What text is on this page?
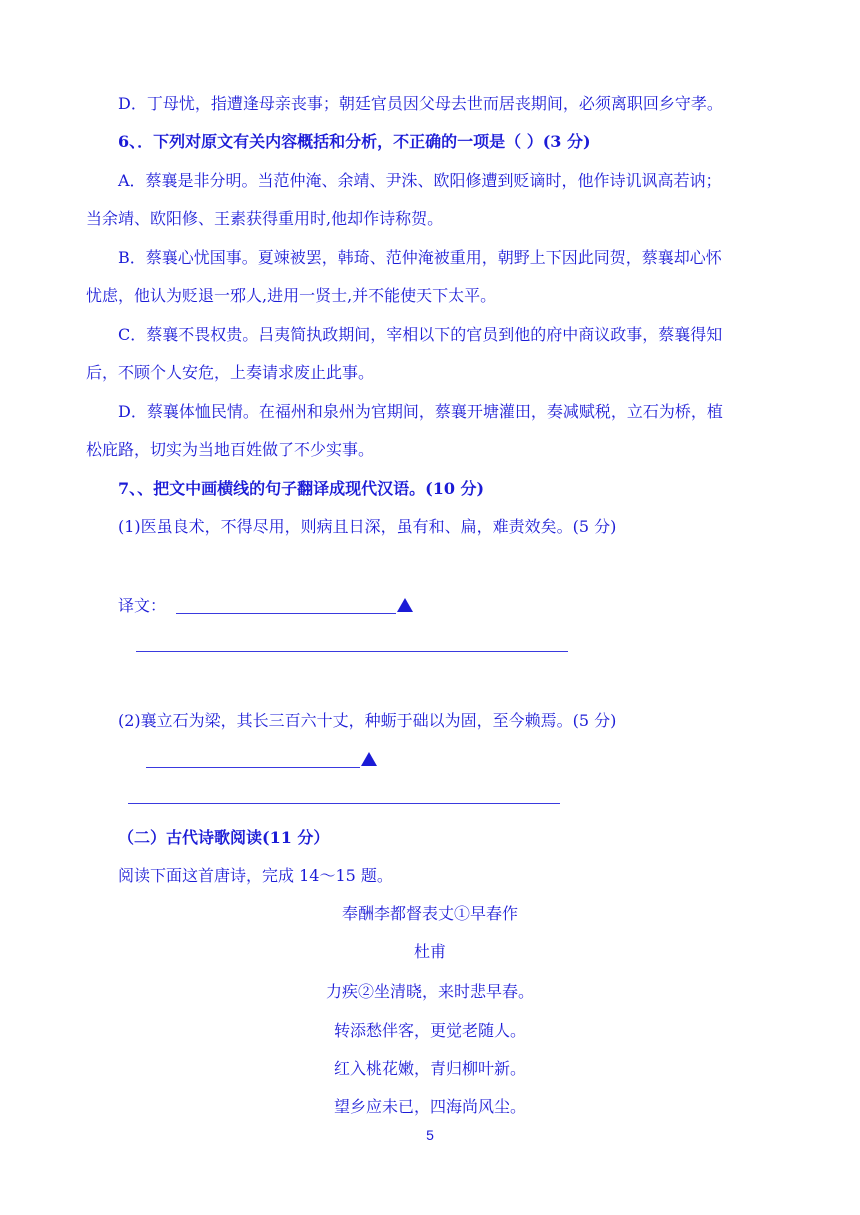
D．丁母忧，指遭逢母亲丧事；朝廷官员因父母去世而居丧期间，必须离职回乡守孝。
6、．下列对原文有关内容概括和分析，不正确的一项是（ ）(3 分)
A．蔡襄是非分明。当范仲淹、余靖、尹洙、欧阳修遭到贬谪时，他作诗讥讽高若讷；
当余靖、欧阳修、王素获得重用时,他却作诗称贺。
B．蔡襄心忧国事。夏竦被罢，韩琦、范仲淹被重用，朝野上下因此同贺，蔡襄却心怀
忧虑，他认为贬退一邪人,进用一贤士,并不能使天下太平。
C．蔡襄不畏权贵。吕夷简执政期间，宰相以下的官员到他的府中商议政事，蔡襄得知
后，不顾个人安危，上奏请求废止此事。
D．蔡襄体恤民情。在福州和泉州为官期间，蔡襄开塘灌田，奏减赋税，立石为桥，植
松庇路，切实为当地百姓做了不少实事。
7、、把文中画横线的句子翻译成现代汉语。(10 分)
(1)医虽良术，不得尽用，则病且日深，虽有和、扁，难责效矣。(5 分)
译文：
(2)襄立石为梁，其长三百六十丈，种蛎于础以为固，至今赖焉。(5 分)
（二）古代诗歌阅读(11 分）
阅读下面这首唐诗，完成 14～15 题。
奉酬李都督表丈①早春作
杜甫
力疾②坐清晓，来时悲早春。
转添愁伴客，更觉老随人。
红入桃花嫩，青归柳叶新。
望乡应未已，四海尚风尘。
5
